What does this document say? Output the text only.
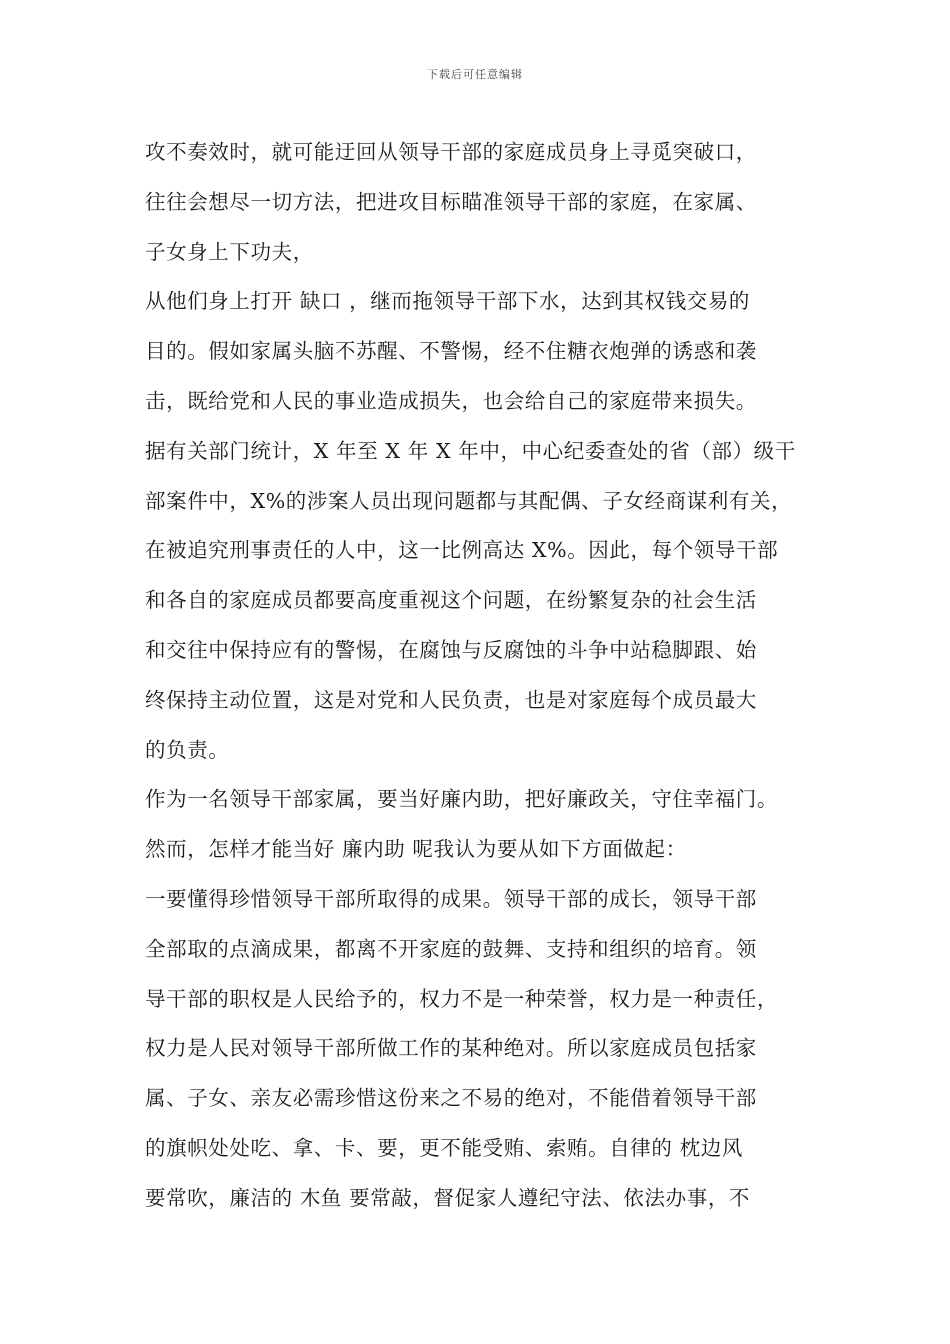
下载后可任意编辑
攻不奏效时，就可能迂回从领导干部的家庭成员身上寻觅突破口，
往往会想尽一切方法，把进攻目标瞄准领导干部的家庭，在家属、
子女身上下功夫，
从他们身上打开 缺口 ，继而拖领导干部下水，达到其权钱交易的
目的。假如家属头脑不苏醒、不警惕，经不住糖衣炮弹的诱惑和袭
击，既给党和人民的事业造成损失，也会给自己的家庭带来损失。
据有关部门统计，X 年至 X 年 X 年中，中心纪委查处的省（部）级干
部案件中，X%的涉案人员出现问题都与其配偶、子女经商谋利有关，
在被追究刑事责任的人中，这一比例高达 X%。因此，每个领导干部
和各自的家庭成员都要高度重视这个问题，在纷繁复杂的社会生活
和交往中保持应有的警惕，在腐蚀与反腐蚀的斗争中站稳脚跟、始
终保持主动位置，这是对党和人民负责，也是对家庭每个成员最大
的负责。
作为一名领导干部家属，要当好廉内助，把好廉政关，守住幸福门。
然而，怎样才能当好 廉内助 呢我认为要从如下方面做起：
一要懂得珍惜领导干部所取得的成果。领导干部的成长，领导干部
全部取的点滴成果，都离不开家庭的鼓舞、支持和组织的培育。领
导干部的职权是人民给予的，权力不是一种荣誉，权力是一种责任，
权力是人民对领导干部所做工作的某种绝对。所以家庭成员包括家
属、子女、亲友必需珍惜这份来之不易的绝对，不能借着领导干部
的旗帜处处吃、拿、卡、要，更不能受贿、索贿。自律的 枕边风
要常吹，廉洁的 木鱼 要常敲，督促家人遵纪守法、依法办事，不
